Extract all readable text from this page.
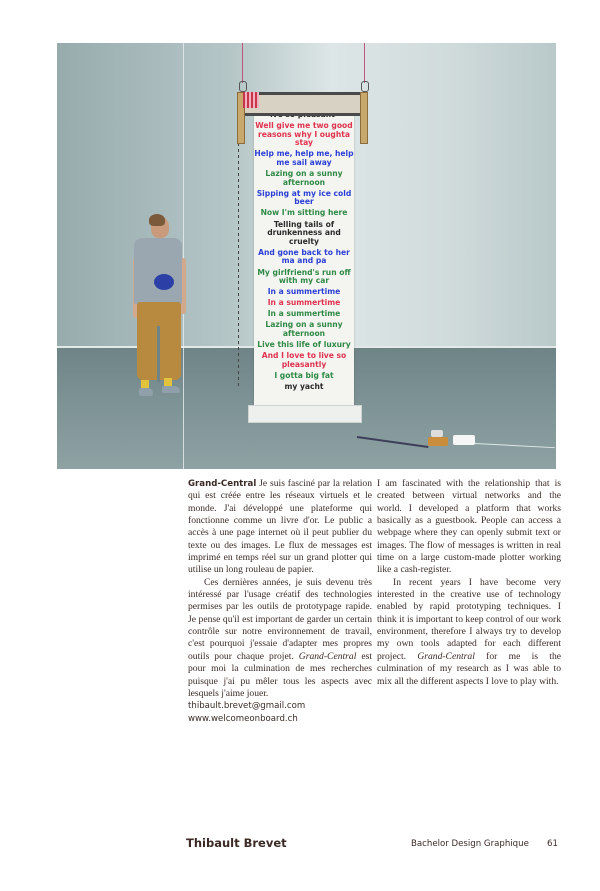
Well give me two good reasons why I oughta stay
Help me, help me, help me sail away
Lazing on a sunny afternoon
Sipping at my ice cold beer
Now I'm sitting here
Telling tails of drunkenness and cruelty
And gone back to her ma and pa
My girlfriend's run off with my car
In a summertime
In a summertime
In a summertime
Lazing on a sunny afternoon
Live this life of luxury
And I love to live so pleasantly
I gotta big fat
my yacht

Grand-Central Je suis fasciné par la relation qui est créée entre les réseaux virtuels et le monde. J'ai développé une plateforme qui fonctionne comme un livre d'or. Le public a accès à une page internet où il peut publier du texte ou des images. Le flux de messages est imprimé en temps réel sur un grand plotter qui utilise un long rouleau de papier.

Ces dernières années, je suis devenu très intéressé par l'usage créatif des technologies permises par les outils de prototypage rapide. Je pense qu'il est important de garder un certain contrôle sur notre environnement de travail, c'est pourquoi j'essaie d'adapter mes propres outils pour chaque projet. Grand-Central est pour moi la culmination de mes recherches puisque j'ai pu mêler tous les aspects avec lesquels j'aime jouer.

thibault.brevet@gmail.com
www.welcomeonboard.ch

I am fascinated with the relationship that is created between virtual networks and the world. I developed a platform that works basically as a guestbook. People can access a webpage where they can openly submit text or images. The flow of messages is written in real time on a large custom-made plotter working like a cash-register.

In recent years I have become very interested in the creative use of technology enabled by rapid prototyping techniques. I think it is important to keep control of our work environment, therefore I always try to develop my own tools adapted for each different project. Grand-Central for me is the culmination of my research as I was able to mix all the different aspects I love to play with.

Thibault Brevet	Bachelor Design Graphique 61
